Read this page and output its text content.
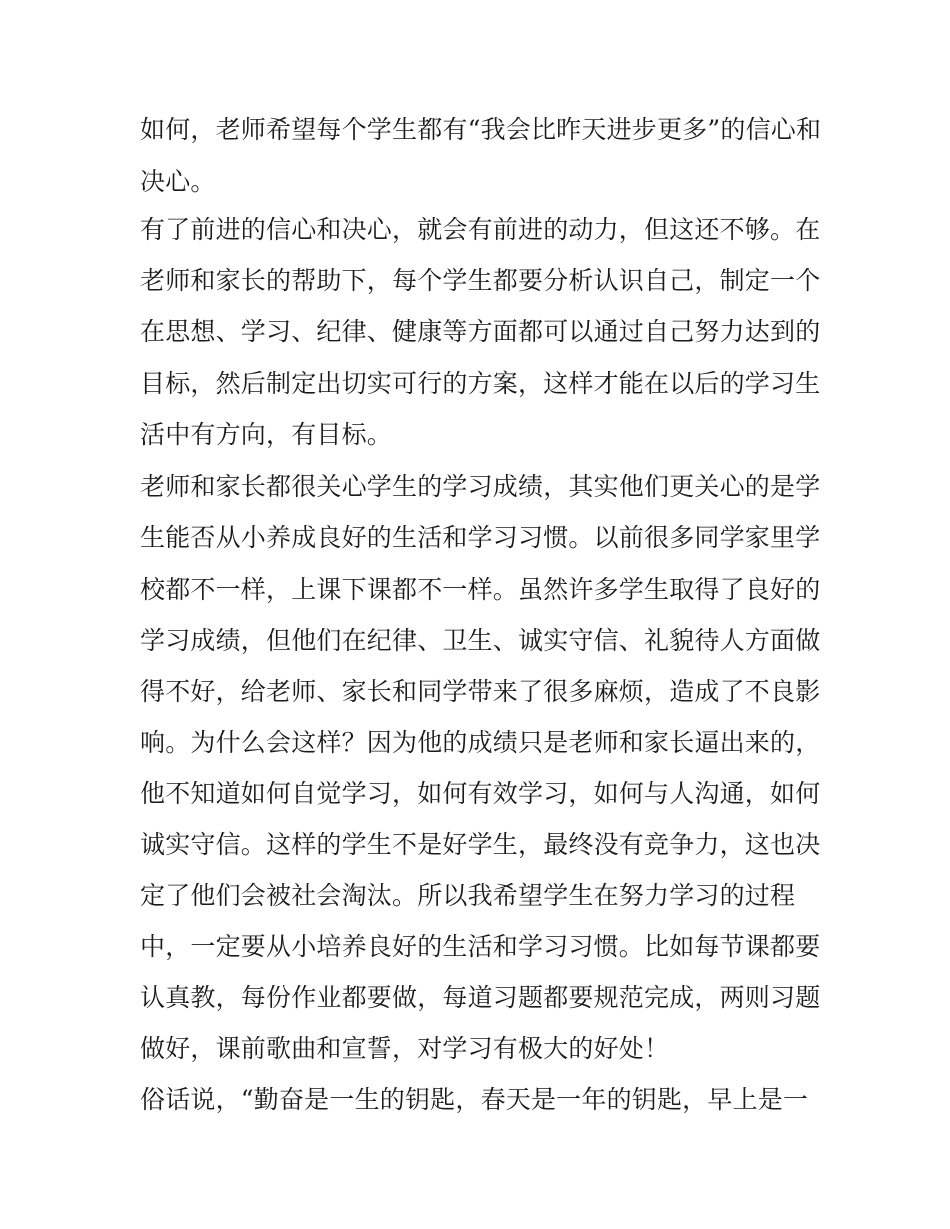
如何，老师希望每个学生都有“我会比昨天进步更多”的信心和
决心。
有了前进的信心和决心，就会有前进的动力，但这还不够。在
老师和家长的帮助下，每个学生都要分析认识自己，制定一个
在思想、学习、纪律、健康等方面都可以通过自己努力达到的
目标，然后制定出切实可行的方案，这样才能在以后的学习生
活中有方向，有目标。
老师和家长都很关心学生的学习成绩，其实他们更关心的是学
生能否从小养成良好的生活和学习习惯。以前很多同学家里学
校都不一样，上课下课都不一样。虽然许多学生取得了良好的
学习成绩，但他们在纪律、卫生、诚实守信、礼貌待人方面做
得不好，给老师、家长和同学带来了很多麻烦，造成了不良影
响。为什么会这样？因为他的成绩只是老师和家长逼出来的，
他不知道如何自觉学习，如何有效学习，如何与人沟通，如何
诚实守信。这样的学生不是好学生，最终没有竞争力，这也决
定了他们会被社会淘汰。所以我希望学生在努力学习的过程
中，一定要从小培养良好的生活和学习习惯。比如每节课都要
认真教，每份作业都要做，每道习题都要规范完成，两则习题
做好，课前歌曲和宣誓，对学习有极大的好处！
俗话说，“勤奋是一生的钥匙，春天是一年的钥匙，早上是一
